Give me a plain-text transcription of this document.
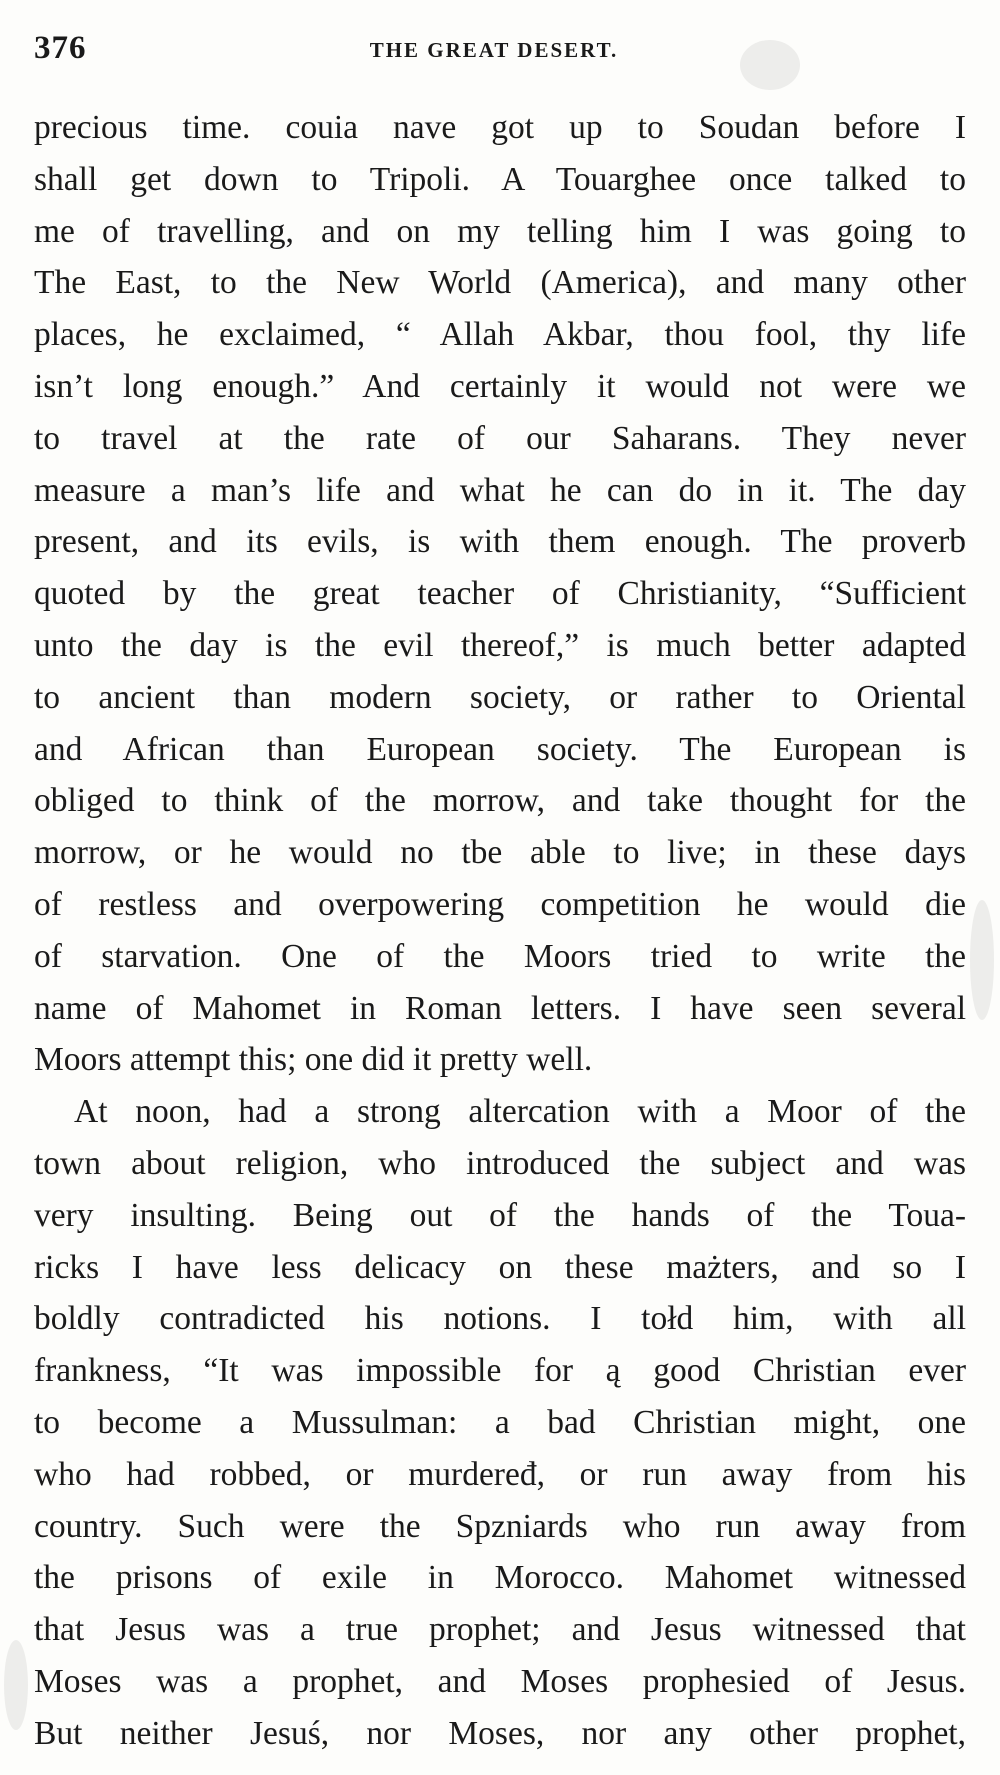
376	THE GREAT DESERT.
precious time. couia nave got up to Soudan before I
shall get down to Tripoli. A Touarghee once talked to
me of travelling, and on my telling him I was going to
The East, to the New World (America), and many other
places, he exclaimed, “ Allah Akbar, thou fool, thy life
isn’t long enough.” And certainly it would not were we
to travel at the rate of our Saharans. They never
measure a man’s life and what he can do in it. The day
present, and its evils, is with them enough. The proverb
quoted by the great teacher of Christianity, “Sufficient
unto the day is the evil thereof,” is much better adapted
to ancient than modern society, or rather to Oriental
and African than European society. The European is
obliged to think of the morrow, and take thought for the
morrow, or he would no tbe able to live; in these days
of restless and overpowering competition he would die
of starvation. One of the Moors tried to write the
name of Mahomet in Roman letters. I have seen several
Moors attempt this; one did it pretty well.
At noon, had a strong altercation with a Moor of the
town about religion, who introduced the subject and was
very insulting. Being out of the hands of the Toua-
ricks I have less delicacy on these mażters, and so I
boldly contradicted his notions. I tołd him, with all
frankness, “It was impossible for ą good Christian ever
to become a Mussulman: a bad Christian might, one
who had robbed, or murdeređ, or run away from his
country. Such were the Spzniards who run away from
the prisons of exile in Morocco. Mahomet witnessed
that Jesus was a true prophet; and Jesus witnessed that
Moses was a prophet, and Moses prophesied of Jesus.
But neither Jesuś, nor Moses, nor any other prophet,
